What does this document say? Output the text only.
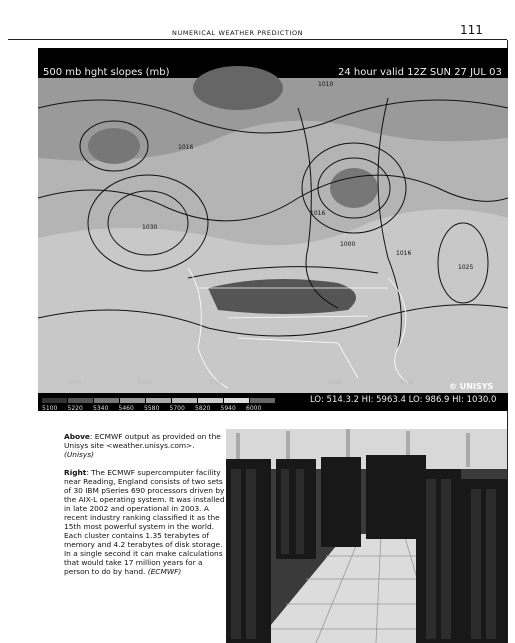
NUMERICAL WEATHER PREDICTION	111
60W	60W	90W	90W	60W
500 mb hght slopes (mb)	24 hour valid 12Z SUN 27 JUL 03
© UNISYS
LO: 514.3.2 HI: 5963.4 LO: 986.9 HI: 1030.0
5100 5220 5340 5460 5580 5700 5820 5940 6000
1010
1016
1030
1016
1000
1016
1025

Above: ECMWF output as provided on the Unisys site <weather.unisys.com>. (Unisys)

Right: The ECMWF supercomputer facility near Reading, England consists of two sets of 30 IBM pSeries 690 processors driven by the AIX-L operating system. It was installed in late 2002 and operational in 2003. A recent industry ranking classified it as the 15th most powerful system in the world. Each cluster contains 1.35 terabytes of memory and 4.2 terabytes of disk storage. In a single second it can make calculations that would take 17 million years for a person to do by hand. (ECMWF)
